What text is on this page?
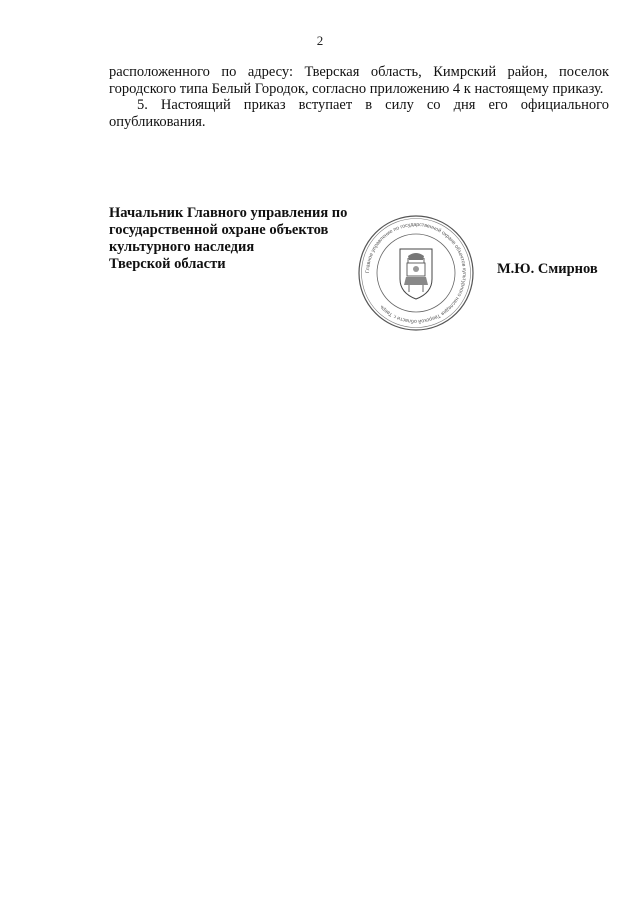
2

расположенного по адресу: Тверская область, Кимрский район, поселок городского типа Белый Городок, согласно приложению 4 к настоящему приказу.

5. Настоящий приказ вступает в силу со дня его официального опубликования.

Начальник Главного управления по
государственной охране объектов
культурного наследия
Тверской области	Главное управление по государственной охране объектов культурного наследия Тверской области г. Тверь
М.Ю. Смирнов
